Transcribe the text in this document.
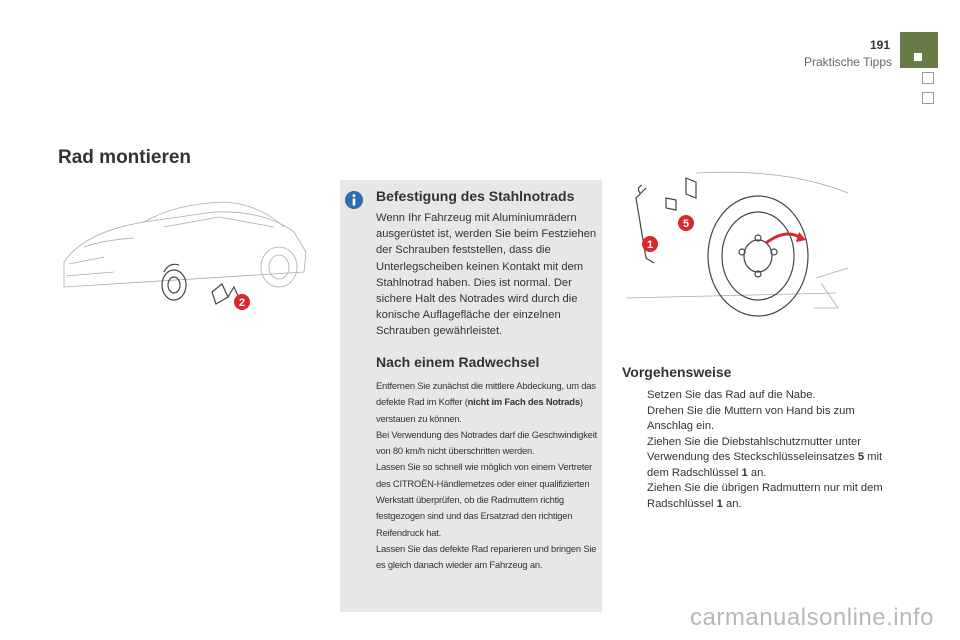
191
Praktische Tipps
Rad montieren
2
Befestigung des Stahlnotrads

Wenn Ihr Fahrzeug mit Aluminiumrädern ausgerüstet ist, werden Sie beim Festziehen der Schrauben feststellen, dass die Unterlegscheiben keinen Kontakt mit dem Stahlnotrad haben. Dies ist normal. Der sichere Halt des Notrades wird durch die konische Auflagefläche der einzelnen Schrauben gewährleistet.

Nach einem Radwechsel

Entfernen Sie zunächst die mittlere Abdeckung, um das defekte Rad im Koffer (nicht im Fach des Notrads) verstauen zu können.
Bei Verwendung des Notrades darf die Geschwindigkeit von 80 km/h nicht überschritten werden.
Lassen Sie so schnell wie möglich von einem Vertreter des CITROËN-Händlernetzes oder einer qualifizierten Werkstatt überprüfen, ob die Radmuttern richtig festgezogen sind und das Ersatzrad den richtigen Reifendruck hat.
Lassen Sie das defekte Rad reparieren und bringen Sie es gleich danach wieder am Fahrzeug an.

5
1
Vorgehensweise
Setzen Sie das Rad auf die Nabe.
Drehen Sie die Muttern von Hand bis zum Anschlag ein.
Ziehen Sie die Diebstahlschutzmutter unter Verwendung des Steckschlüsseleinsatzes 5 mit dem Radschlüssel 1 an.
Ziehen Sie die übrigen Radmuttern nur mit dem Radschlüssel 1 an.
carmanualsonline.info
